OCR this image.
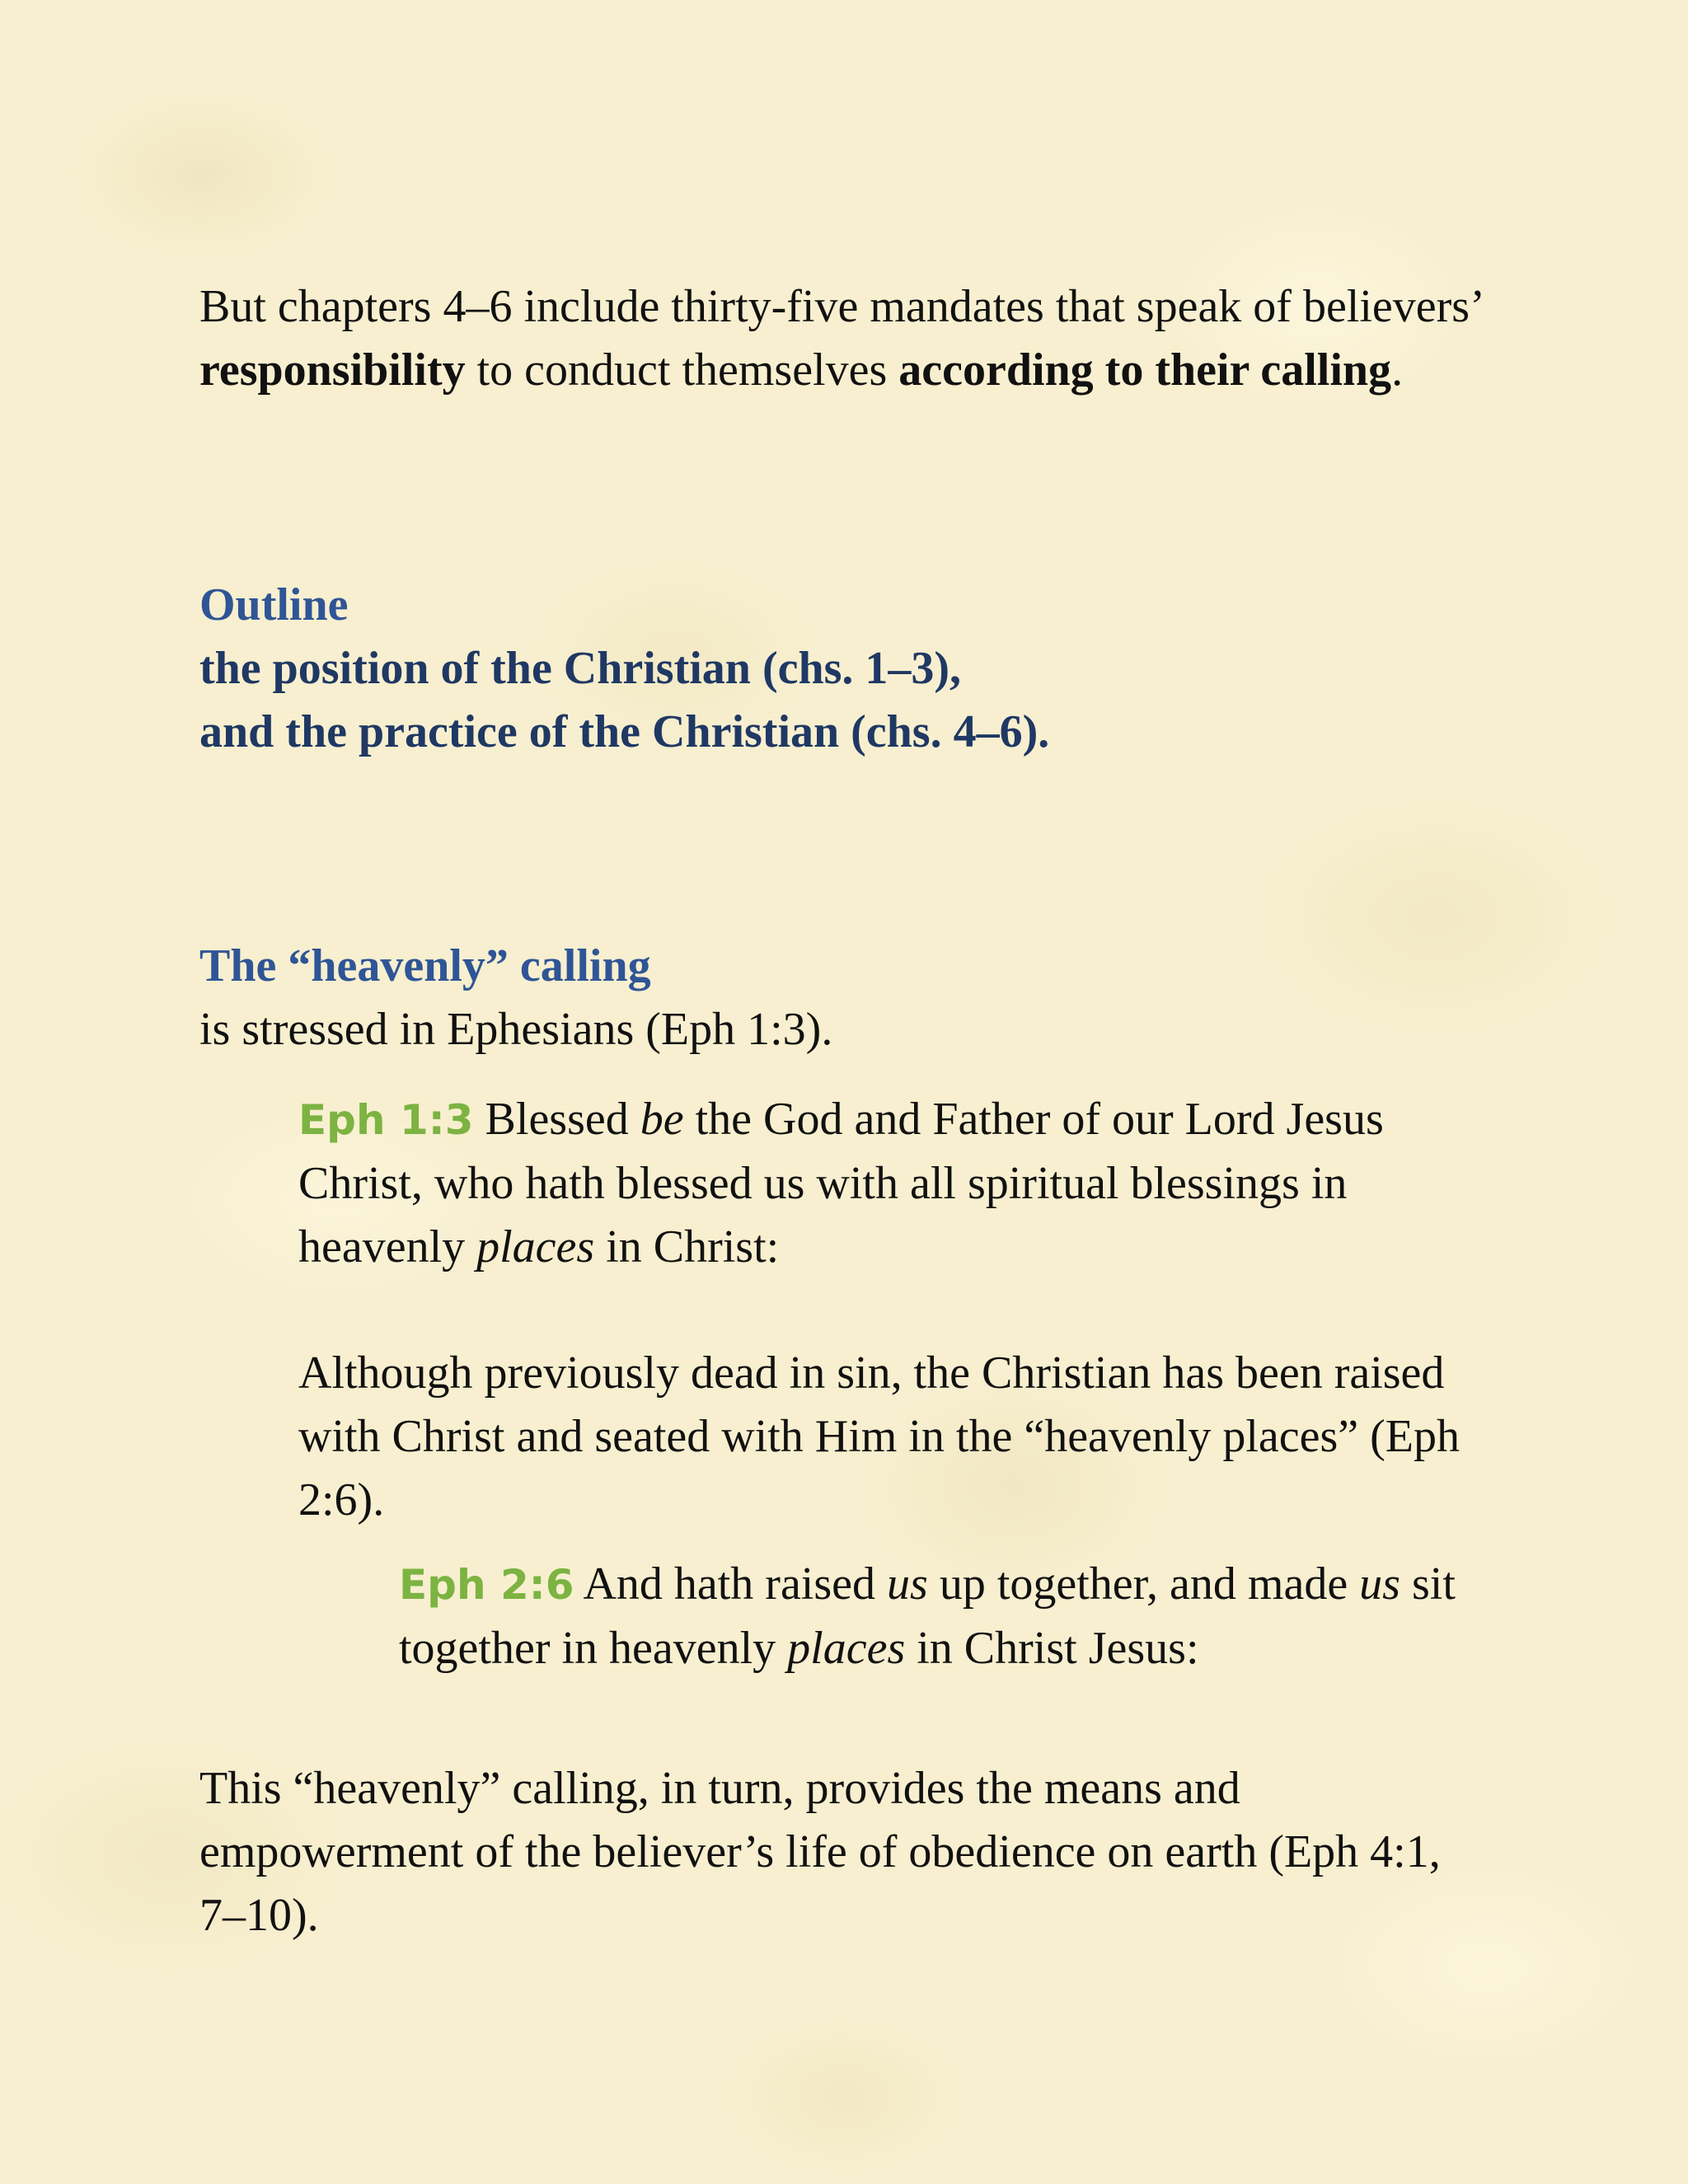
But chapters 4–6 include thirty-five mandates that speak of believers’ responsibility to conduct themselves according to their calling.

Outline
the position of the Christian (chs. 1–3),
and the practice of the Christian (chs. 4–6).
The “heavenly” calling
is stressed in Ephesians (Eph 1:3).

Eph 1:3 Blessed be the God and Father of our Lord Jesus Christ, who hath blessed us with all spiritual blessings in heavenly places in Christ:

Although previously dead in sin, the Christian has been raised with Christ and seated with Him in the “heavenly places” (Eph 2:6).

Eph 2:6 And hath raised us up together, and made us sit together in heavenly places in Christ Jesus:

This “heavenly” calling, in turn, provides the means and empowerment of the believer’s life of obedience on earth (Eph 4:1, 7–10).
